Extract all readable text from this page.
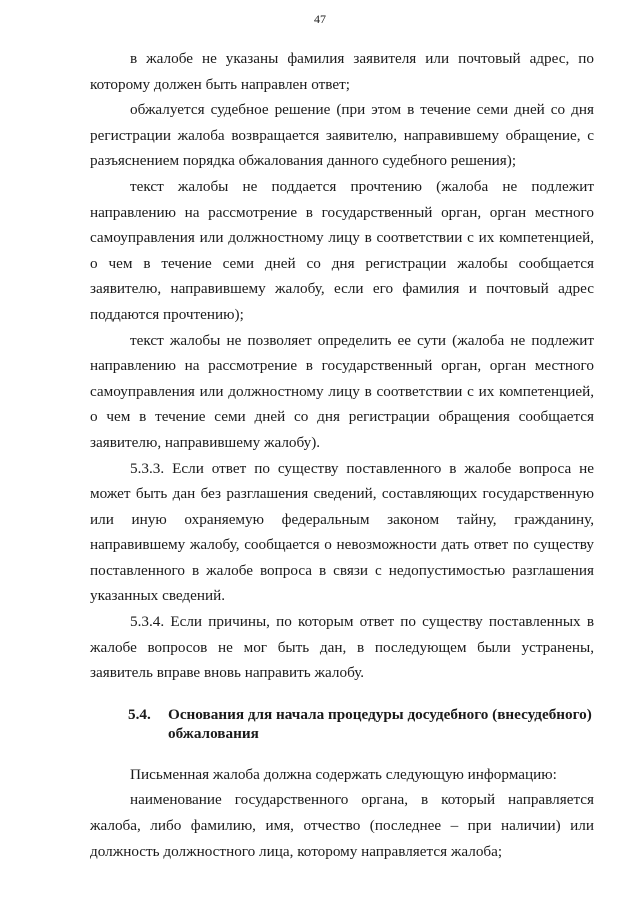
47

в жалобе не указаны фамилия заявителя или почтовый адрес, по которому должен быть направлен ответ;

обжалуется судебное решение (при этом в течение семи дней со дня регистрации жалоба возвращается заявителю, направившему обращение, с разъяснением порядка обжалования данного судебного решения);

текст жалобы не поддается прочтению (жалоба не подлежит направлению на рассмотрение в государственный орган, орган местного самоуправления или должностному лицу в соответствии с их компетенцией, о чем в течение семи дней со дня регистрации жалобы сообщается заявителю, направившему жалобу, если его фамилия и почтовый адрес поддаются прочтению);

текст жалобы не позволяет определить ее сути (жалоба не подлежит направлению на рассмотрение в государственный орган, орган местного самоуправления или должностному лицу в соответствии с их компетенцией, о чем в течение семи дней со дня регистрации обращения сообщается заявителю, направившему жалобу).

5.3.3. Если ответ по существу поставленного в жалобе вопроса не может быть дан без разглашения сведений, составляющих государственную или иную охраняемую федеральным законом тайну, гражданину, направившему жалобу, сообщается о невозможности дать ответ по существу поставленного в жалобе вопроса в связи с недопустимостью разглашения указанных сведений.

5.3.4. Если причины, по которым ответ по существу поставленных в жалобе вопросов не мог быть дан, в последующем были устранены, заявитель вправе вновь направить жалобу.

5.4.	Основания для начала процедуры досудебного (внесудебного) обжалования

Письменная жалоба должна содержать следующую информацию:

наименование государственного органа, в который направляется жалоба, либо фамилию, имя, отчество (последнее – при наличии) или должность должностного лица, которому направляется жалоба;
